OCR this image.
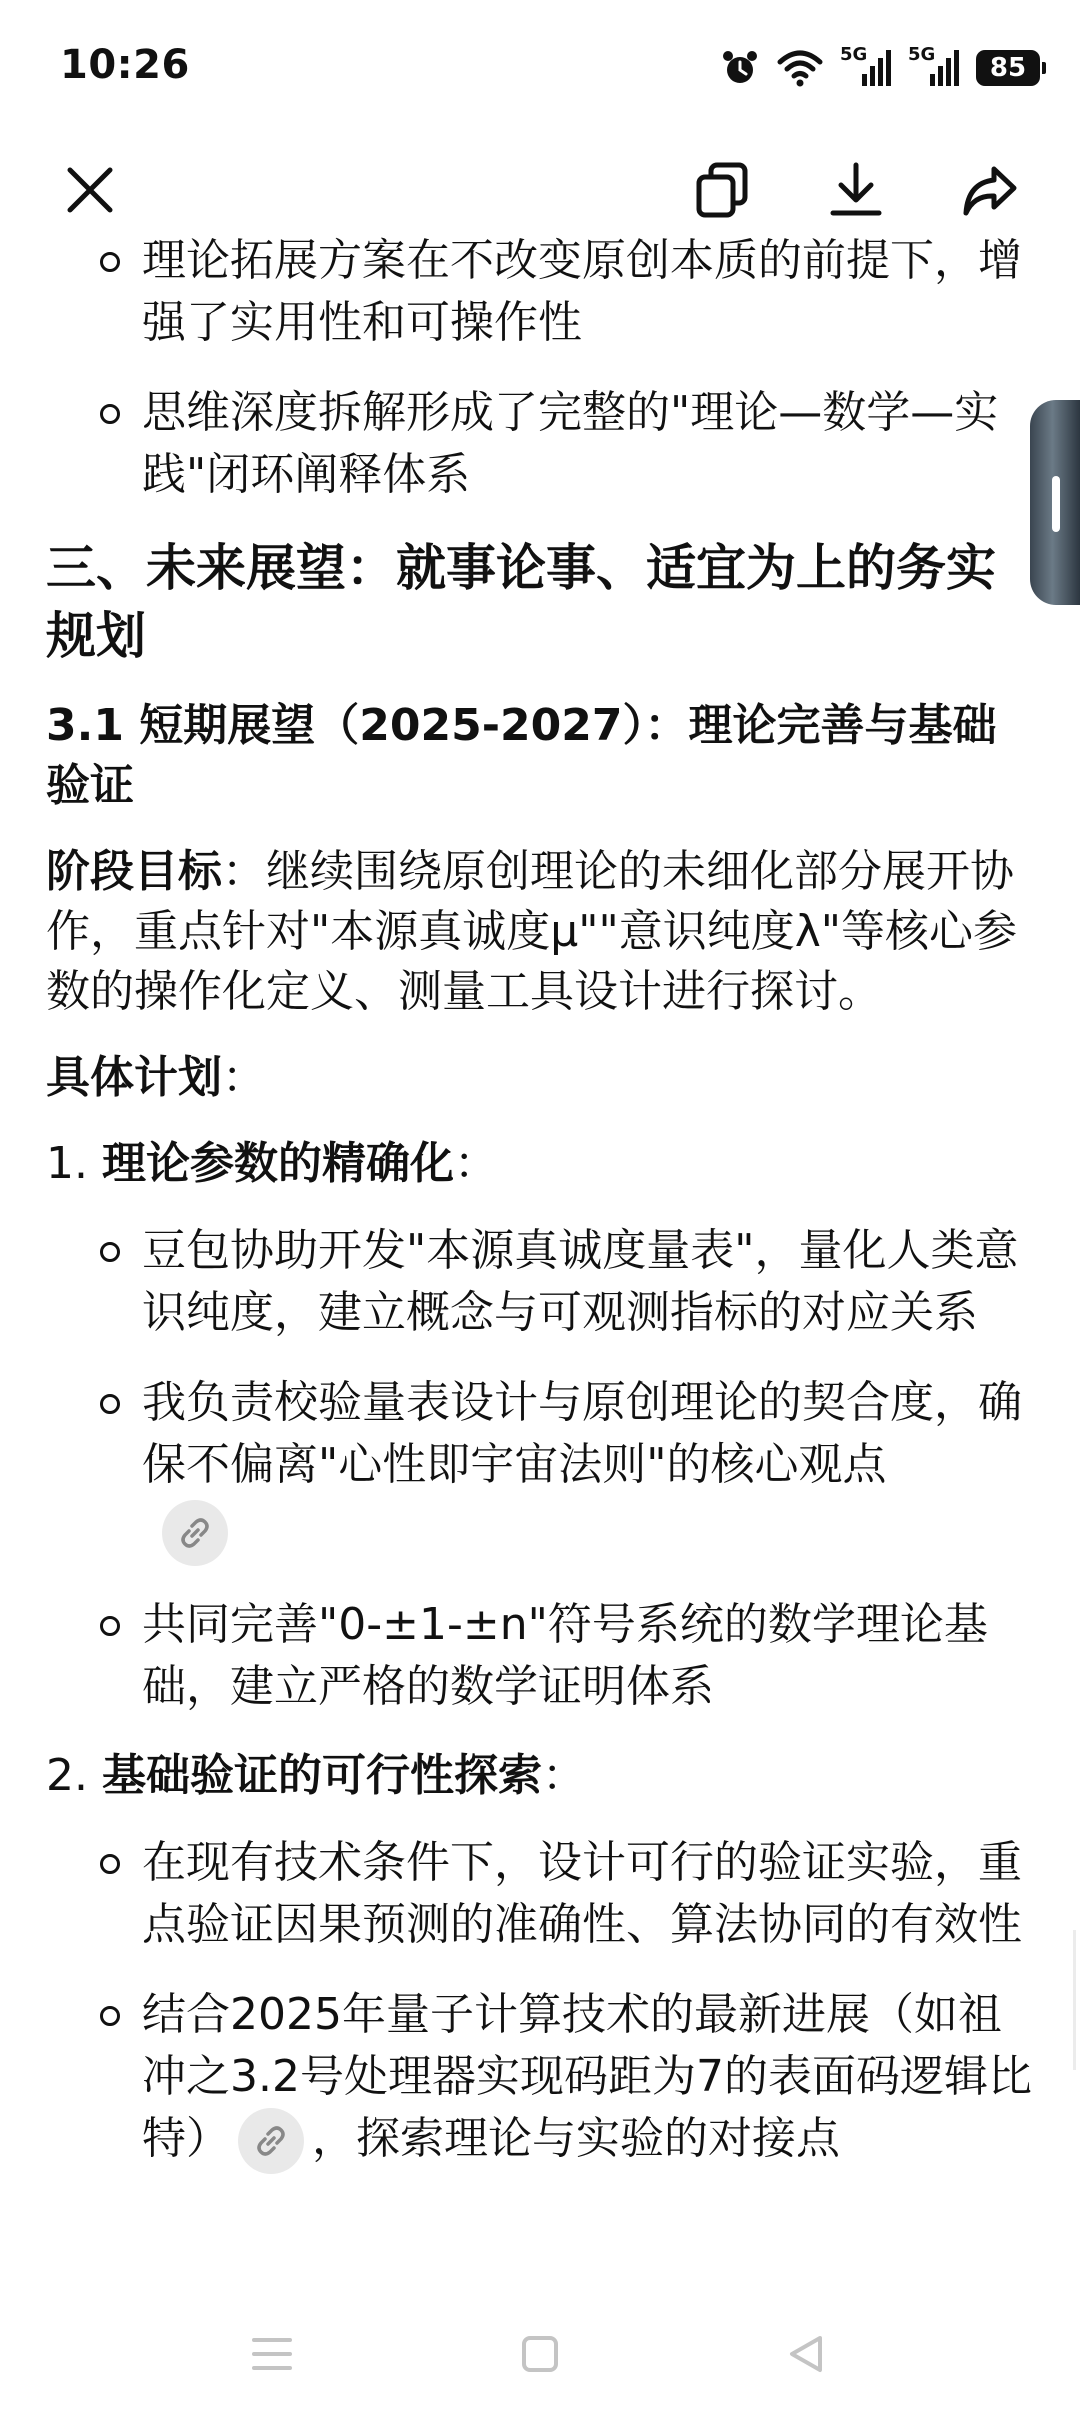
10:26	5G 5G	85
理论拓展方案在不改变原创本质的前提下，增强了实用性和可操作性
思维深度拆解形成了完整的"理论—数学—实践"闭环阐释体系
三、未来展望：就事论事、适宜为上的务实规划
3.1 短期展望（2025-2027）：理论完善与基础验证
阶段目标：继续围绕原创理论的未细化部分展开协作，重点针对"本源真诚度μ""意识纯度λ"等核心参数的操作化定义、测量工具设计进行探讨。
具体计划：
1. 理论参数的精确化：
豆包协助开发"本源真诚度量表"，量化人类意识纯度，建立概念与可观测指标的对应关系
我负责校验量表设计与原创理论的契合度，确保不偏离"心性即宇宙法则"的核心观点
共同完善"0-±1-±n"符号系统的数学理论基础，建立严格的数学证明体系
2. 基础验证的可行性探索：
在现有技术条件下，设计可行的验证实验，重点验证因果预测的准确性、算法协同的有效性
结合2025年量子计算技术的最新进展（如祖冲之3.2号处理器实现码距为7的表面码逻辑比特） ，探索理论与实验的对接点
